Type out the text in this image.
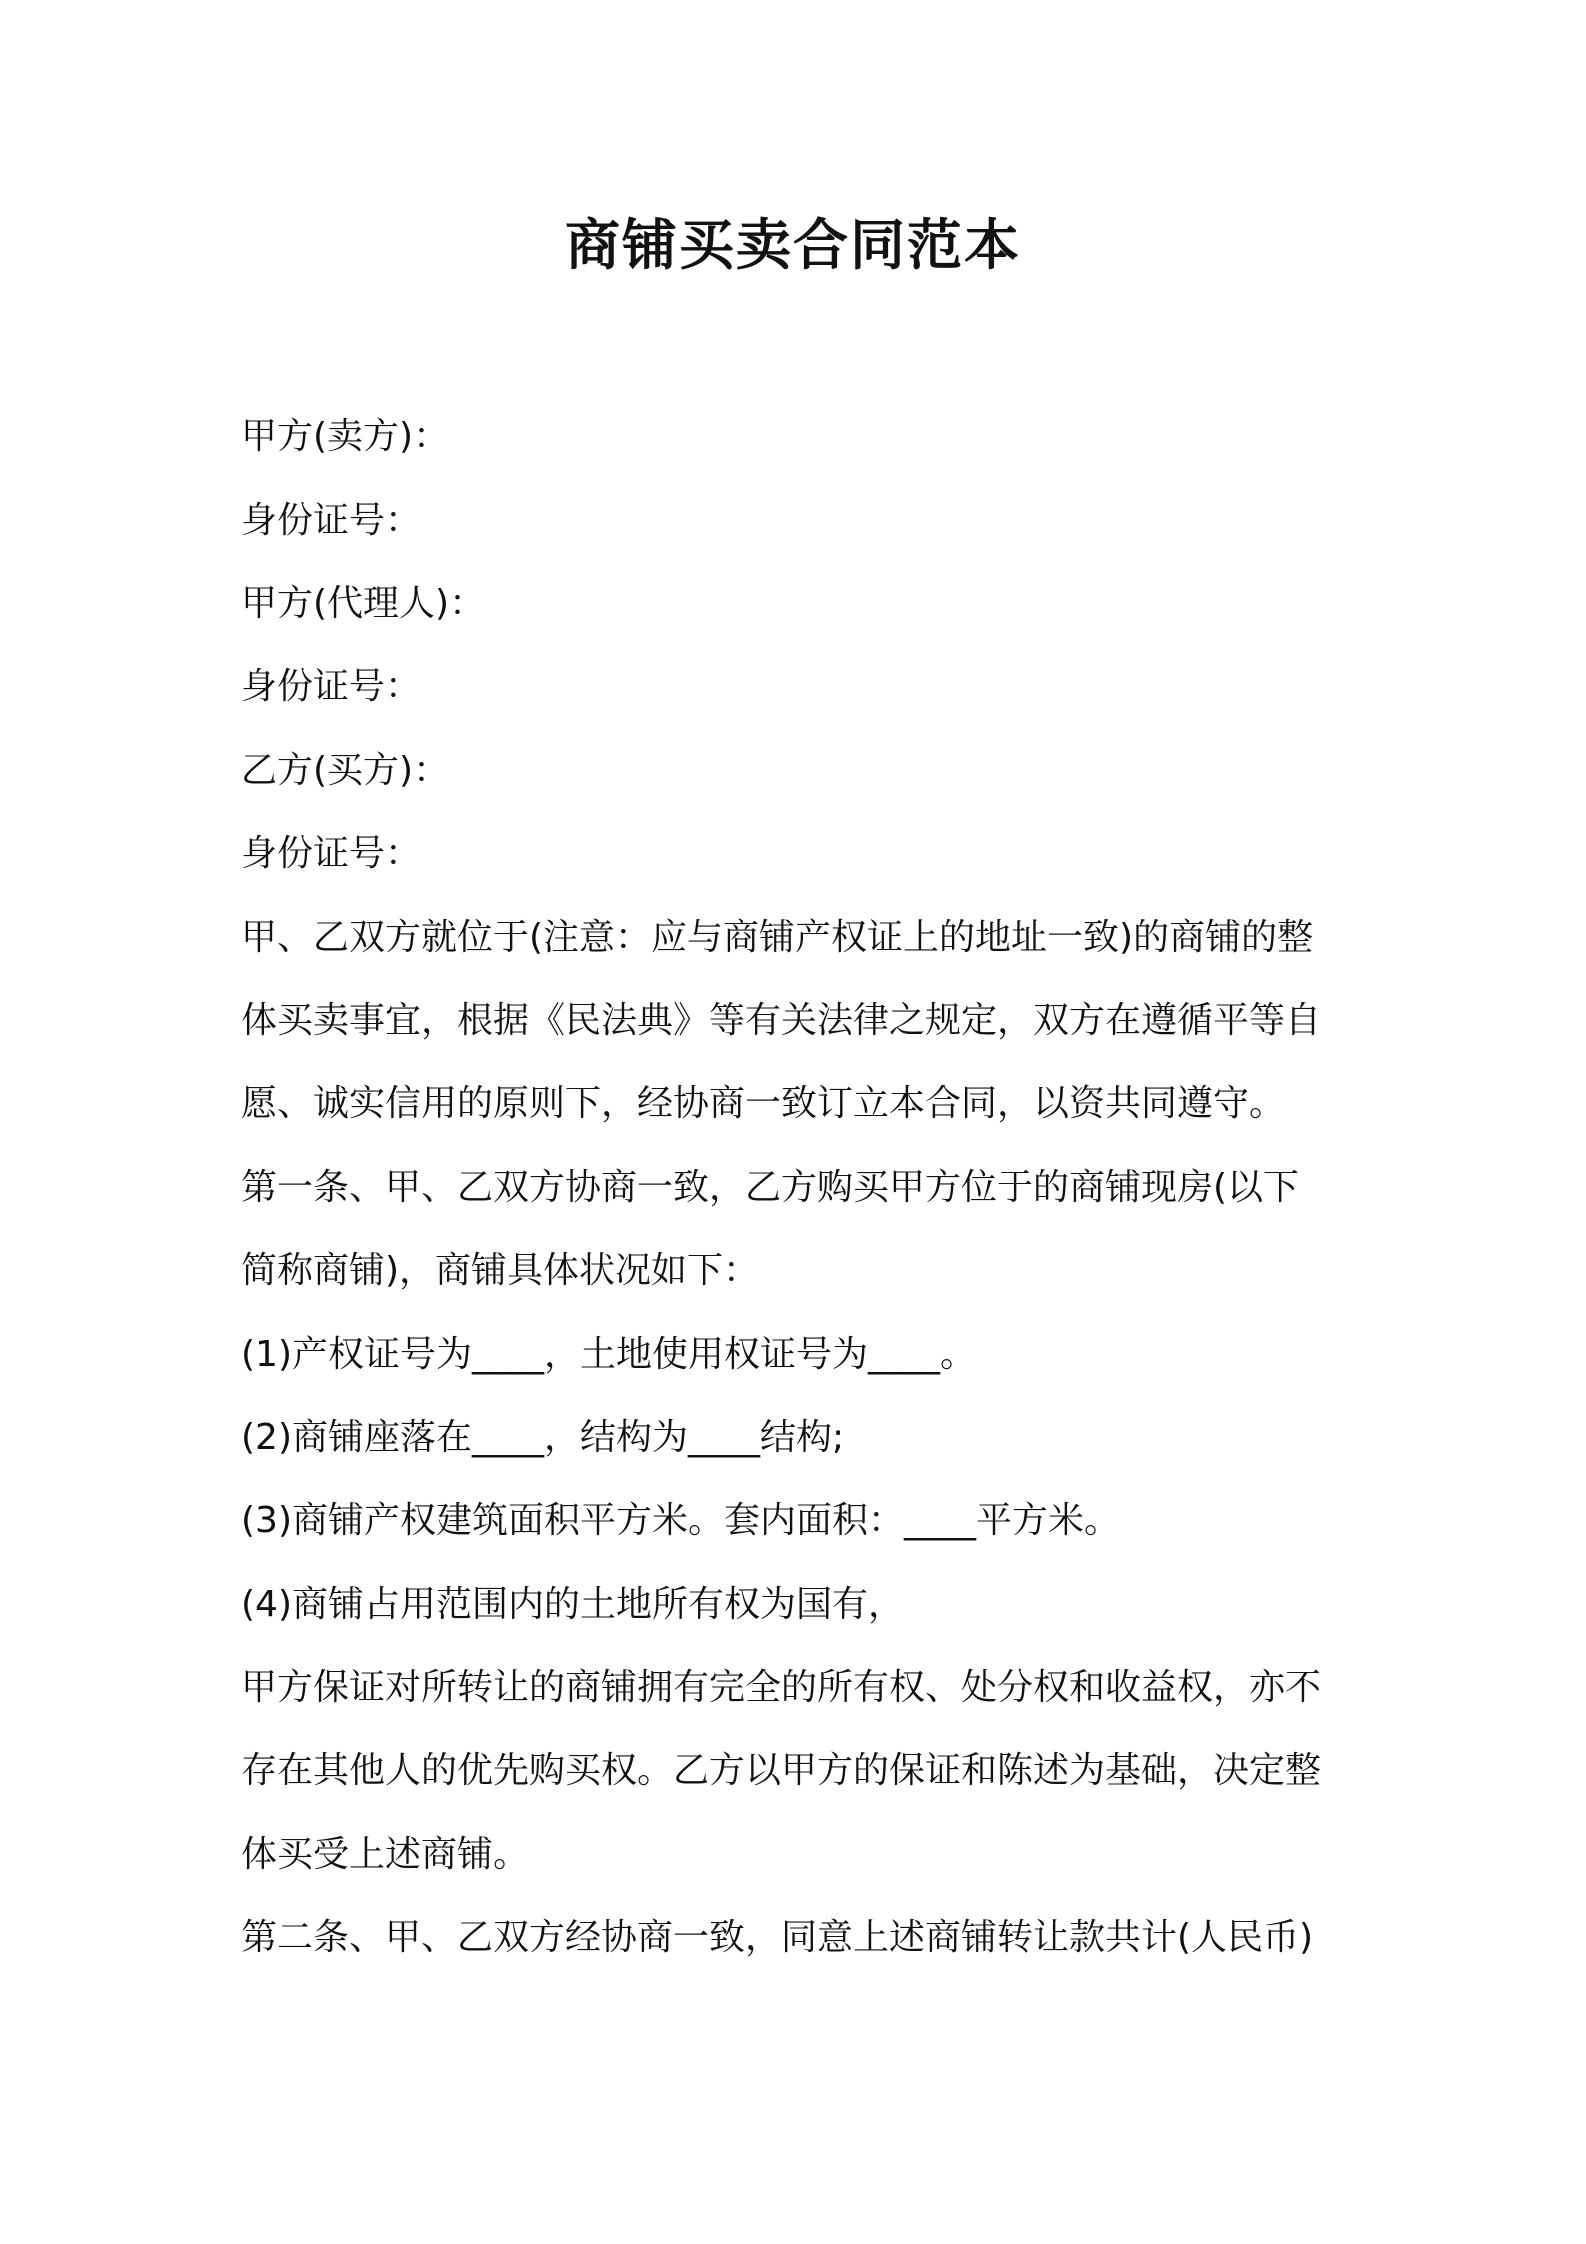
商铺买卖合同范本
甲方(卖方)：
身份证号：
甲方(代理人)：
身份证号：
乙方(买方)：
身份证号：
甲、乙双方就位于(注意：应与商铺产权证上的地址一致)的商铺的整
体买卖事宜，根据《民法典》等有关法律之规定，双方在遵循平等自
愿、诚实信用的原则下，经协商一致订立本合同，以资共同遵守。
第一条、甲、乙双方协商一致，乙方购买甲方位于的商铺现房(以下
简称商铺)，商铺具体状况如下：
(1)产权证号为____，土地使用权证号为____。
(2)商铺座落在____，结构为____结构;
(3)商铺产权建筑面积平方米。套内面积：____平方米。
(4)商铺占用范围内的土地所有权为国有，
甲方保证对所转让的商铺拥有完全的所有权、处分权和收益权，亦不
存在其他人的优先购买权。乙方以甲方的保证和陈述为基础，决定整
体买受上述商铺。
第二条、甲、乙双方经协商一致，同意上述商铺转让款共计(人民币)
